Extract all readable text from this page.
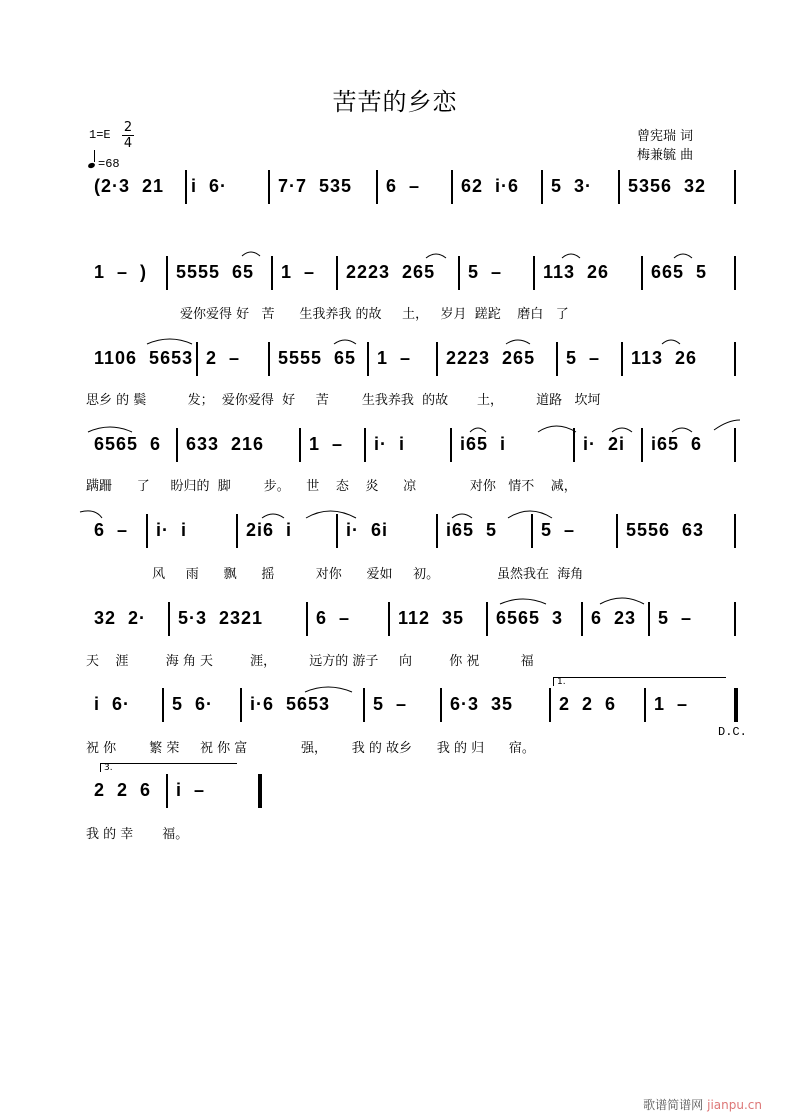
苦苦的乡恋
1=E 2
4
=68
曾宪瑞 词
梅兼毓 曲
(2·3  21 i  6·	7·7  535 6  – 62  i·6 5  3· 5356  32
1  –  ) 5555  65 1  – 2223  265 5  – 113  26 665  5
爱你爱得 好   苦      生我养我 的故     土，   岁月  蹉跎    磨白   了
1106  5653 2  – 5555  65 1  – 2223  265 5  – 113  26
思乡 的 鬓          发；  爱你爱得  好     苦        生我养我  的故       土，        道路   坎坷
6565  6 633  216 1  – i·  i	i65  i	i·  2i i65  6
蹒跚      了     盼归的  脚        步。    世    态    炎      凉             对你   情不    减，
6  – i·  i	2i6  i	i·  6i	i65  5 5  –	5556  63
风     雨      飘      摇          对你      爱如     初。              虽然我在  海角
32  2· 5·3  2321	6  –	112  35 6565  3 6  23 5  –
天    涯         海 角 天         涯，        远方的 游子     向         你 祝          福
i  6· 5  6· i·6  5653 5  – 6·3  35	2  2  6 1  –
祝 你        繁 荣     祝 你 富             强，      我 的 故乡      我 的 归      宿。
2  2  6 i  –
我 的 幸       福。
1.
3.
D.C.
歌谱简谱网 jianpu.cn
